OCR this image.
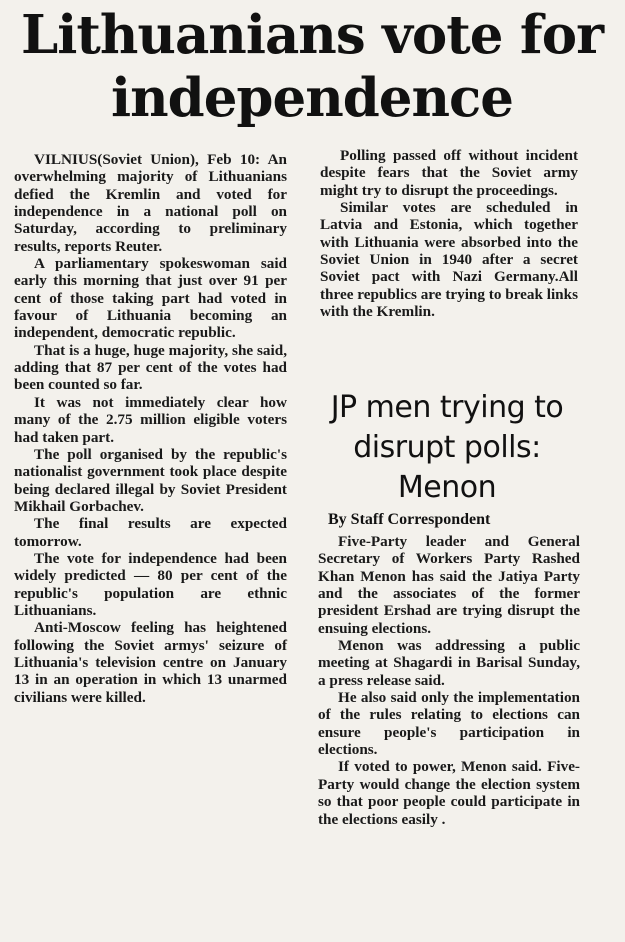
Lithuanians vote for independence

VILNIUS(Soviet Union), Feb 10: An overwhelming majority of Lithuanians defied the Kremlin and voted for independence in a national poll on Saturday, according to preliminary results, reports Reuter.

A parliamentary spokeswoman said early this morning that just over 91 per cent of those taking part had voted in favour of Lithuania becoming an independent, democratic republic.

That is a huge, huge majority, she said, adding that 87 per cent of the votes had been counted so far.

It was not immediately clear how many of the 2.75 million eligible voters had taken part.

The poll organised by the republic's nationalist government took place despite being declared illegal by Soviet President Mikhail Gorbachev.

The final results are expected tomorrow.

The vote for independence had been widely predicted — 80 per cent of the republic's population are ethnic Lithuanians.

Anti-Moscow feeling has heightened following the Soviet armys' seizure of Lithuania's television centre on January 13 in an operation in which 13 unarmed civilians were killed.

Polling passed off without incident despite fears that the Soviet army might try to disrupt the proceedings.

Similar votes are scheduled in Latvia and Estonia, which together with Lithuania were absorbed into the Soviet Union in 1940 after a secret Soviet pact with Nazi Germany.All three republics are trying to break links with the Kremlin.

JP men trying to disrupt polls: Menon
By Staff Correspondent

Five-Party leader and General Secretary of Workers Party Rashed Khan Menon has said the Jatiya Party and the associates of the former president Ershad are trying disrupt the ensuing elections.

Menon was addressing a public meeting at Shagardi in Barisal Sunday, a press release said.

He also said only the implementation of the rules relating to elections can ensure people's participation in elections.

If voted to power, Menon said. Five-Party would change the election system so that poor people could participate in the elections easily .
